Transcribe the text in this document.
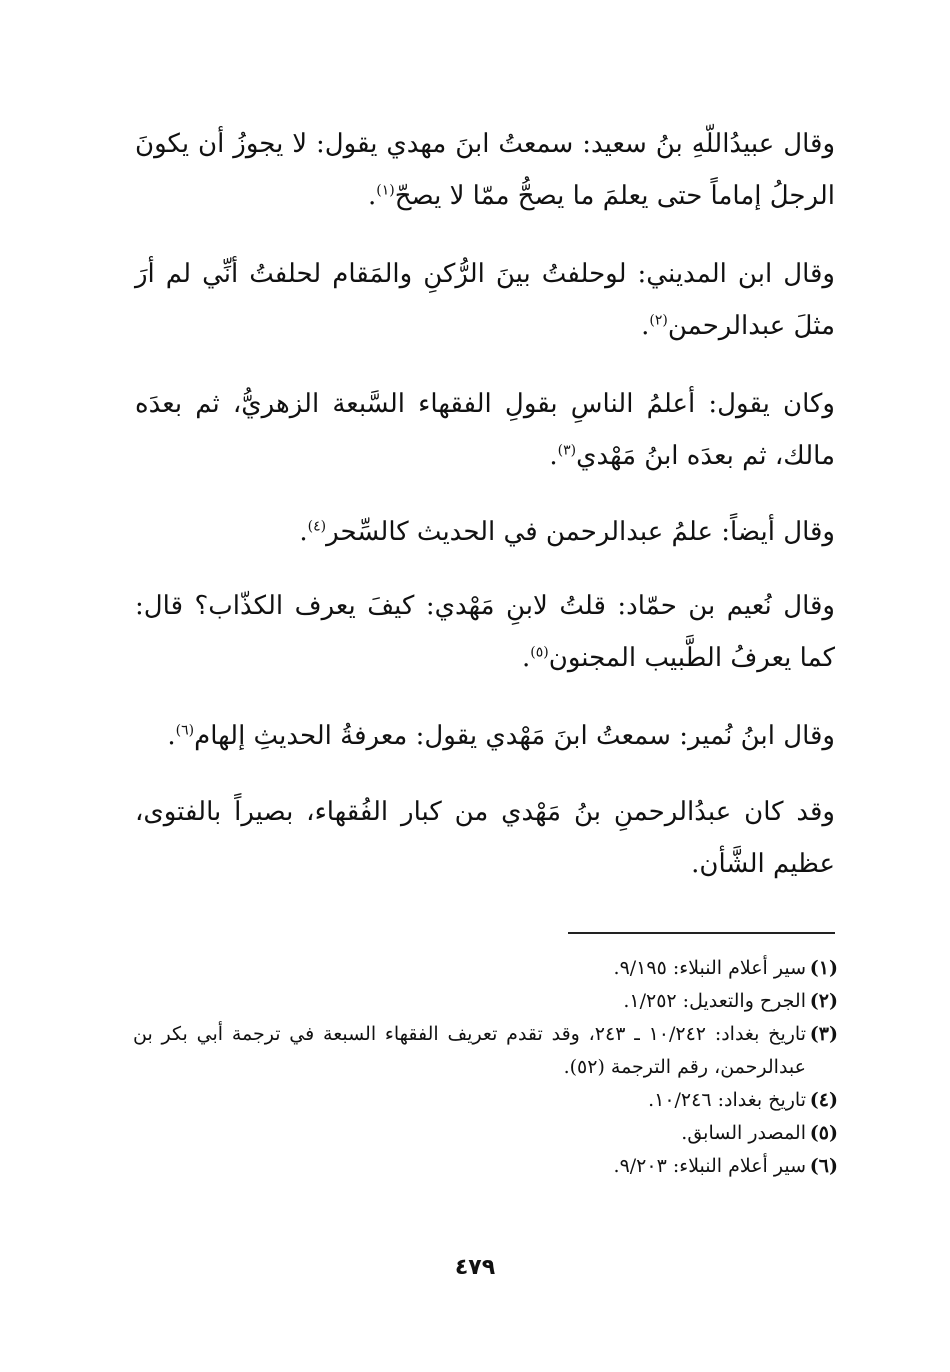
وقال عبيدُاللّهِ بنُ سعيد: سمعتُ ابنَ مهدي يقول: لا يجوزُ أن يكونَ الرجلُ إماماً حتى يعلمَ ما يصحُّ ممّا لا يصحّ$^{(١)}$.
وقال ابن المديني: لوحلفتُ بينَ الرُّكنِ والمَقام لحلفتُ أنِّي لم أرَ مثلَ عبدالرحمن$^{(٢)}$.
وكان يقول: أعلمُ الناسِ بقولِ الفقهاء السَّبعة الزهريُّ، ثم بعدَه مالك، ثم بعدَه ابنُ مَهْدي$^{(٣)}$.
وقال أيضاً: علمُ عبدالرحمن في الحديث كالسِّحر$^{(٤)}$.
وقال نُعيم بن حمّاد: قلتُ لابنِ مَهْدي: كيفَ يعرف الكذّاب؟ قال: كما يعرفُ الطَّبيب المجنون$^{(٥)}$.
وقال ابنُ نُمير: سمعتُ ابنَ مَهْدي يقول: معرفةُ الحديثِ إلهام$^{(٦)}$.
وقد كان عبدُالرحمنِ بنُ مَهْدي من كبار الفُقهاء، بصيراً بالفتوى، عظيم الشَّأن.

(١)
سير أعلام النبلاء: ٩/١٩٥.

(٢)
الجرح والتعديل: ١/٢٥٢.

(٣)
تاريخ بغداد: ١٠/٢٤٢ ـ ٢٤٣، وقد تقدم تعريف الفقهاء السبعة في ترجمة أبي بكر بن عبدالرحمن، رقم الترجمة (٥٢).

(٤)
تاريخ بغداد: ١٠/٢٤٦.

(٥)
المصدر السابق.

(٦)
سير أعلام النبلاء: ٩/٢٠٣.

٤٧٩
